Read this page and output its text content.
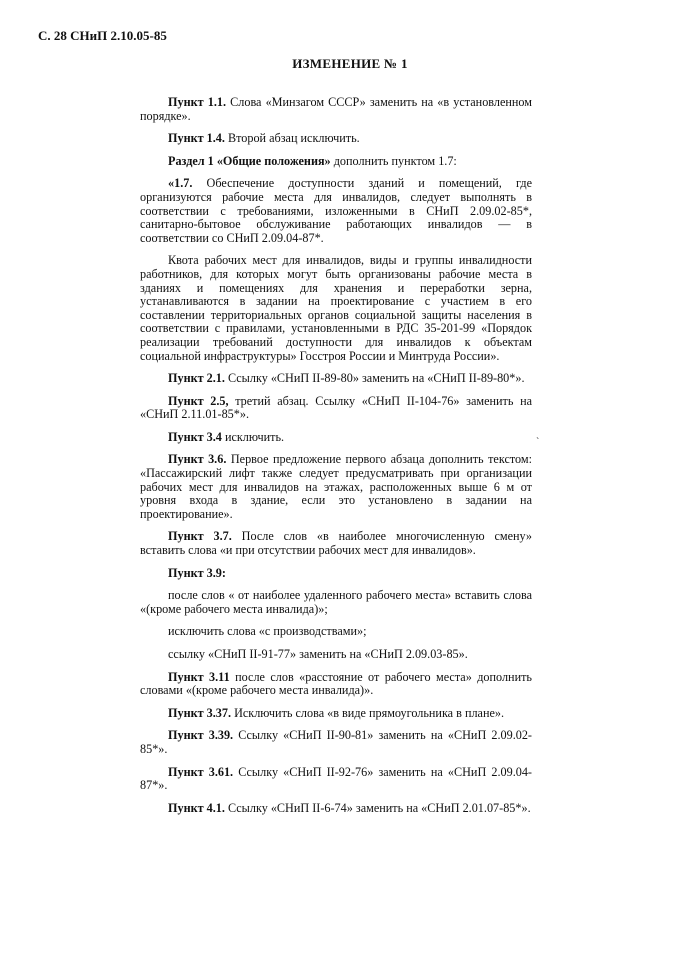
С. 28 СНиП 2.10.05-85
ИЗМЕНЕНИЕ № 1

Пункт 1.1. Слова «Минзагом СССР» заменить на «в установленном порядке».

Пункт 1.4. Второй абзац исключить.

Раздел 1 «Общие положения» дополнить пунктом 1.7:

«1.7. Обеспечение доступности зданий и помещений, где организуются рабочие места для инвалидов, следует выполнять в соответствии с требованиями, изложенными в СНиП 2.09.02-85*, санитарно-бытовое обслуживание работающих инвалидов — в соответствии со СНиП 2.09.04-87*.

Квота рабочих мест для инвалидов, виды и группы инвалидности работников, для которых могут быть организованы рабочие места в зданиях и помещениях для хранения и переработки зерна, устанавливаются в задании на проектирование с участием в его составлении территориальных органов социальной защиты населения в соответствии с правилами, установленными в РДС 35-201-99 «Порядок реализации требований доступности для инвалидов к объектам социальной инфраструктуры» Госстроя России и Минтруда России».

Пункт 2.1. Ссылку «СНиП II-89-80» заменить на «СНиП II-89-80*».

Пункт 2.5, третий абзац. Ссылку «СНиП II-104-76» заменить на «СНиП 2.11.01-85*».

Пункт 3.4 исключить.

Пункт 3.6. Первое предложение первого абзаца дополнить текстом: «Пассажирский лифт также следует предусматривать при организации рабочих мест для инвалидов на этажах, расположенных выше 6 м от уровня входа в здание, если это установлено в задании на проектирование».

Пункт 3.7. После слов «в наиболее многочисленную смену» вставить слова «и при отсутствии рабочих мест для инвалидов».

Пункт 3.9:

после слов « от наиболее удаленного рабочего места» вставить слова «(кроме рабочего места инвалида)»;

исключить слова «с производствами»;

ссылку «СНиП II-91-77» заменить на «СНиП 2.09.03-85».

Пункт 3.11 после слов «расстояние от рабочего места» дополнить словами «(кроме рабочего места инвалида)».

Пункт 3.37. Исключить слова «в виде прямоугольника в плане».

Пункт 3.39. Ссылку «СНиП II-90-81» заменить на «СНиП 2.09.02-85*».

Пункт 3.61. Ссылку «СНиП II-92-76» заменить на «СНиП 2.09.04-87*».

Пункт 4.1. Ссылку «СНиП II-6-74» заменить на «СНиП 2.01.07-85*».

`
